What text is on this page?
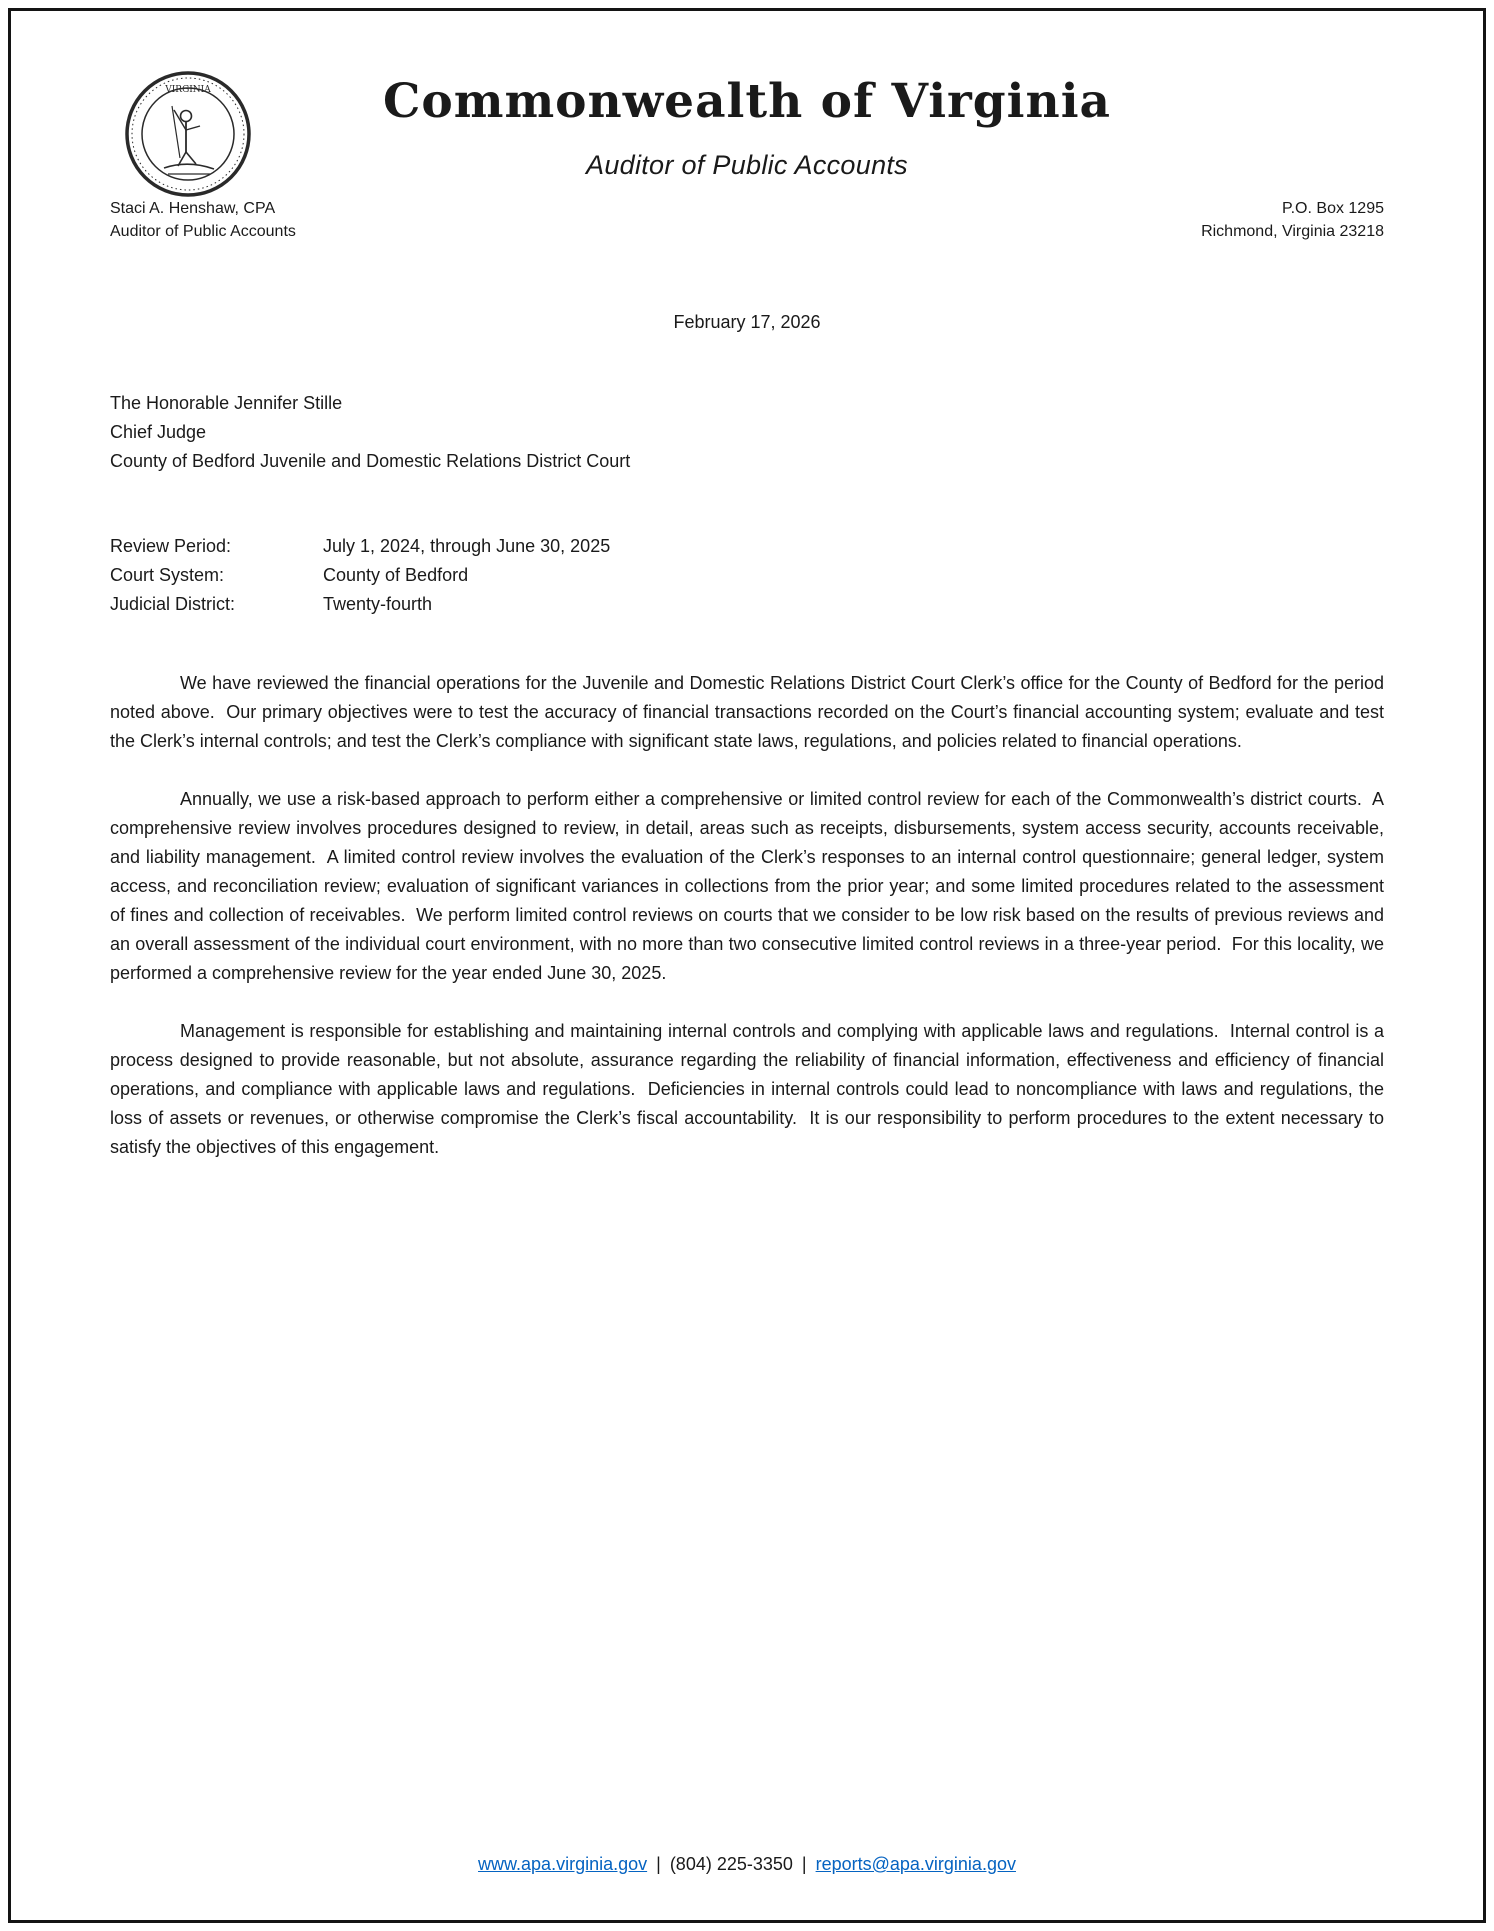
VIRGINIA	Commonwealth of Virginia
Auditor of Public Accounts
Staci A. Henshaw, CPA
Auditor of Public Accounts
P.O. Box 1295
Richmond, Virginia 23218
February 17, 2026
The Honorable Jennifer Stille
Chief Judge
County of Bedford Juvenile and Domestic Relations District Court
Review Period:	July 1, 2024, through June 30, 2025
Court System:	County of Bedford
Judicial District:	Twenty-fourth

We have reviewed the financial operations for the Juvenile and Domestic Relations District Court Clerk’s office for the County of Bedford for the period noted above.  Our primary objectives were to test the accuracy of financial transactions recorded on the Court’s financial accounting system; evaluate and test the Clerk’s internal controls; and test the Clerk’s compliance with significant state laws, regulations, and policies related to financial operations.

Annually, we use a risk-based approach to perform either a comprehensive or limited control review for each of the Commonwealth’s district courts.  A comprehensive review involves procedures designed to review, in detail, areas such as receipts, disbursements, system access security, accounts receivable, and liability management.  A limited control review involves the evaluation of the Clerk’s responses to an internal control questionnaire; general ledger, system access, and reconciliation review; evaluation of significant variances in collections from the prior year; and some limited procedures related to the assessment of fines and collection of receivables.  We perform limited control reviews on courts that we consider to be low risk based on the results of previous reviews and an overall assessment of the individual court environment, with no more than two consecutive limited control reviews in a three-year period.  For this locality, we performed a comprehensive review for the year ended June 30, 2025.

Management is responsible for establishing and maintaining internal controls and complying with applicable laws and regulations.  Internal control is a process designed to provide reasonable, but not absolute, assurance regarding the reliability of financial information, effectiveness and efficiency of financial operations, and compliance with applicable laws and regulations.  Deficiencies in internal controls could lead to noncompliance with laws and regulations, the loss of assets or revenues, or otherwise compromise the Clerk’s fiscal accountability.  It is our responsibility to perform procedures to the extent necessary to satisfy the objectives of this engagement.

www.apa.virginia.gov | (804) 225-3350 | reports@apa.virginia.gov
